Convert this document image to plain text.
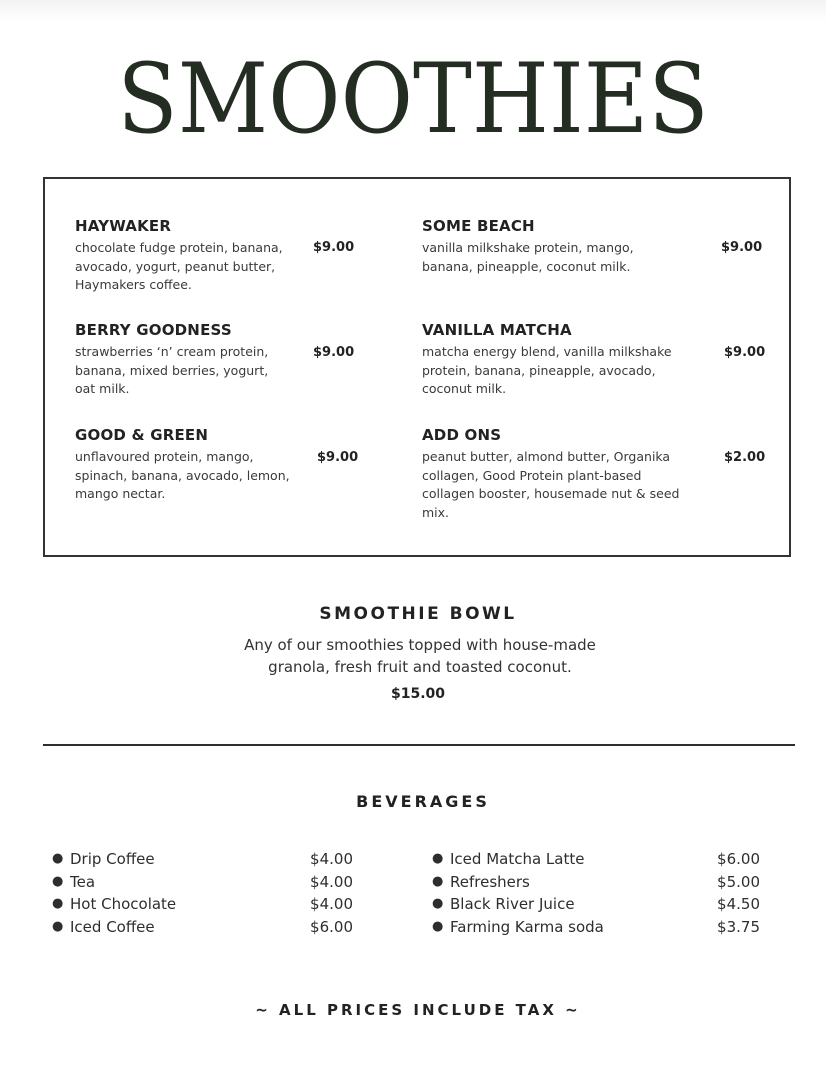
SMOOTHIES

HAYWAKER

chocolate fudge protein, banana, avocado, yogurt, peanut butter, Haymakers coffee.

$9.00

BERRY GOODNESS

strawberries ‘n’ cream protein, banana, mixed berries, yogurt, oat milk.

$9.00

GOOD & GREEN

unflavoured protein, mango, spinach, banana, avocado, lemon, mango nectar.

$9.00

SOME BEACH

vanilla milkshake protein, mango, banana, pineapple, coconut milk.

$9.00

VANILLA MATCHA

matcha energy blend, vanilla milkshake protein, banana, pineapple, avocado, coconut milk.

$9.00

ADD ONS

peanut butter, almond butter, Organika collagen, Good Protein plant-based collagen booster, housemade nut & seed mix.

$2.00
SMOOTHIE BOWL
Any of our smoothies topped with house-made granola, fresh fruit and toasted coconut.
$15.00
BEVERAGES
● Drip Coffee	$4.00
● Tea	$4.00
● Hot Chocolate	$4.00
● Iced Coffee	$6.00
● Iced Matcha Latte	$6.00
● Refreshers	$5.00
● Black River Juice	$4.50
● Farming Karma soda	$3.75
~ ALL PRICES INCLUDE TAX ~
